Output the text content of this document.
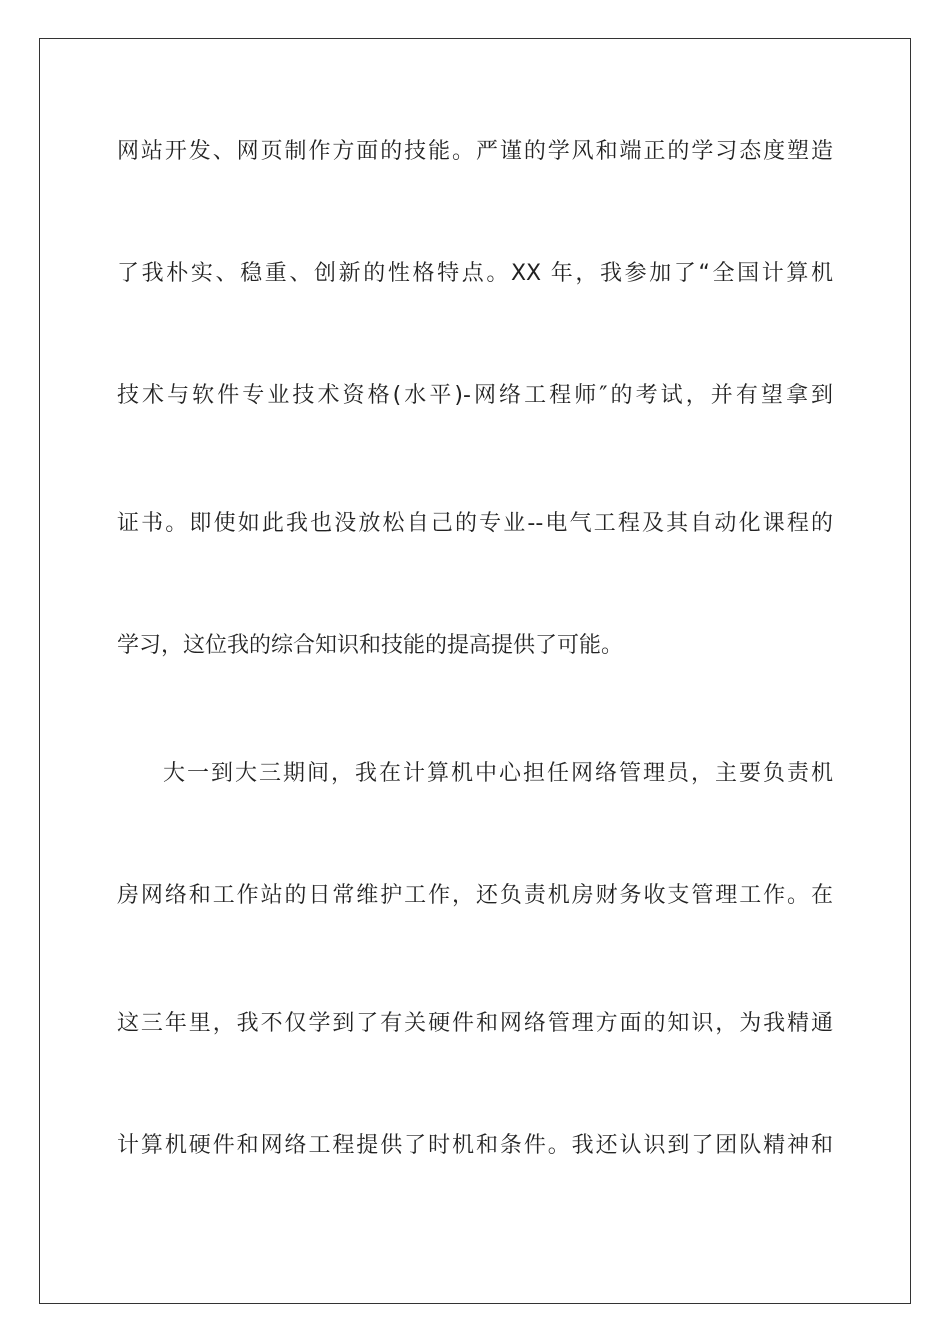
网站开发、网页制作方面的技能。严谨的学风和端正的学习态度塑造
了我朴实、稳重、创新的性格特点。XX 年，我参加了“全国计算机
技术与软件专业技术资格(水平)-网络工程师″的考试，并有望拿到
证书。即使如此我也没放松自己的专业--电气工程及其自动化课程的
学习，这位我的综合知识和技能的提高提供了可能。
大一到大三期间，我在计算机中心担任网络管理员，主要负责机
房网络和工作站的日常维护工作，还负责机房财务收支管理工作。在
这三年里，我不仅学到了有关硬件和网络管理方面的知识，为我精通
计算机硬件和网络工程提供了时机和条件。我还认识到了团队精神和
